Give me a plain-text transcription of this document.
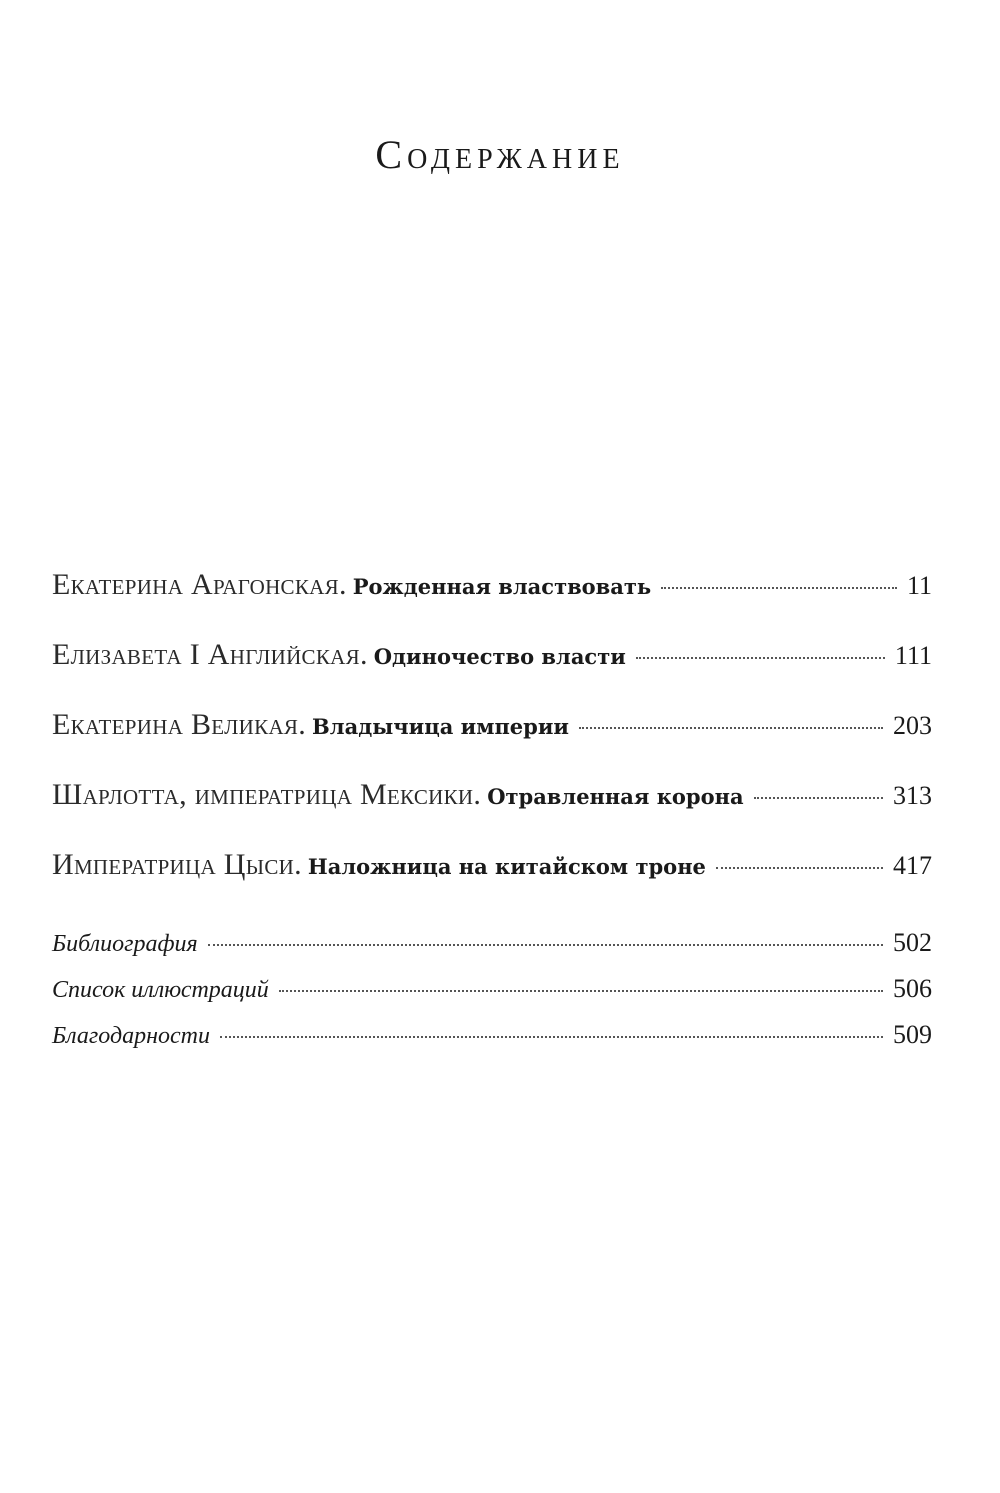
Содержание
Екатерина Арагонская. Рожденная властвовать	11
Елизавета I Английская. Одиночество власти	111
Екатерина Великая. Владычица империи	203
Шарлотта, императрица Мексики. Отравленная корона	313
Императрица Цыси. Наложница на китайском троне	417
Библиография	502
Список иллюстраций	506
Благодарности	509
